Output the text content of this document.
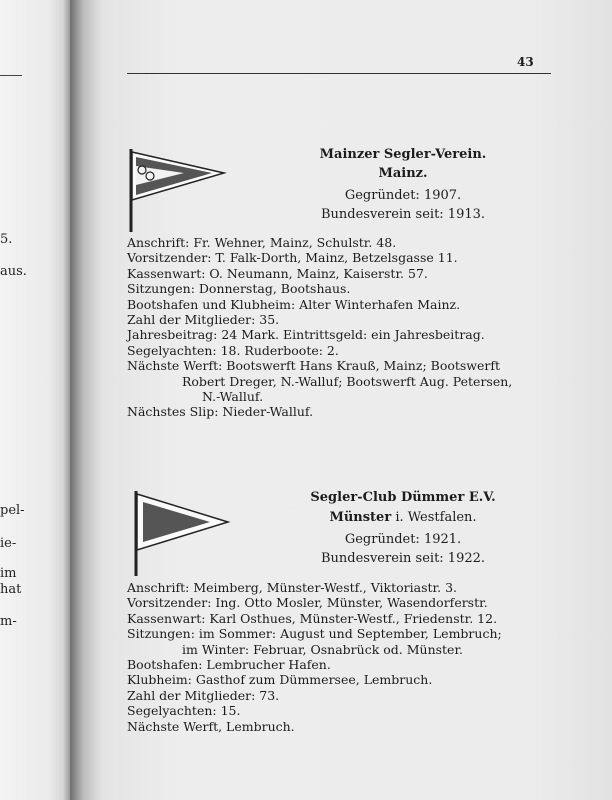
5.
aus.
pel-
ie-
im
hat
m-
43
Mainzer Segler-Verein.
Mainz.
Gegründet: 1907.
Bundesverein seit: 1913.
Anschrift: Fr. Wehner, Mainz, Schulstr. 48.
Vorsitzender: T. Falk-Dorth, Mainz, Betzelsgasse 11.
Kassenwart: O. Neumann, Mainz, Kaiserstr. 57.
Sitzungen: Donnerstag, Bootshaus.
Bootshafen und Klubheim: Alter Winterhafen Mainz.
Zahl der Mitglieder: 35.
Jahresbeitrag: 24 Mark. Eintrittsgeld: ein Jahresbeitrag.
Segelyachten: 18. Ruderboote: 2.
Nächste Werft: Bootswerft Hans Krauß, Mainz; Bootswerft
Robert Dreger, N.-Walluf; Bootswerft Aug. Petersen,
N.-Walluf.
Nächstes Slip: Nieder-Walluf.
Segler-Club Dümmer E.V.
Münster i. Westfalen.
Gegründet: 1921.
Bundesverein seit: 1922.
Anschrift: Meimberg, Münster-Westf., Viktoriastr. 3.
Vorsitzender: Ing. Otto Mosler, Münster, Wasendorferstr.
Kassenwart: Karl Osthues, Münster-Westf., Friedenstr. 12.
Sitzungen: im Sommer: August und September, Lembruch;
im Winter: Februar, Osnabrück od. Münster.
Bootshafen: Lembrucher Hafen.
Klubheim: Gasthof zum Dümmersee, Lembruch.
Zahl der Mitglieder: 73.
Segelyachten: 15.
Nächste Werft, Lembruch.
